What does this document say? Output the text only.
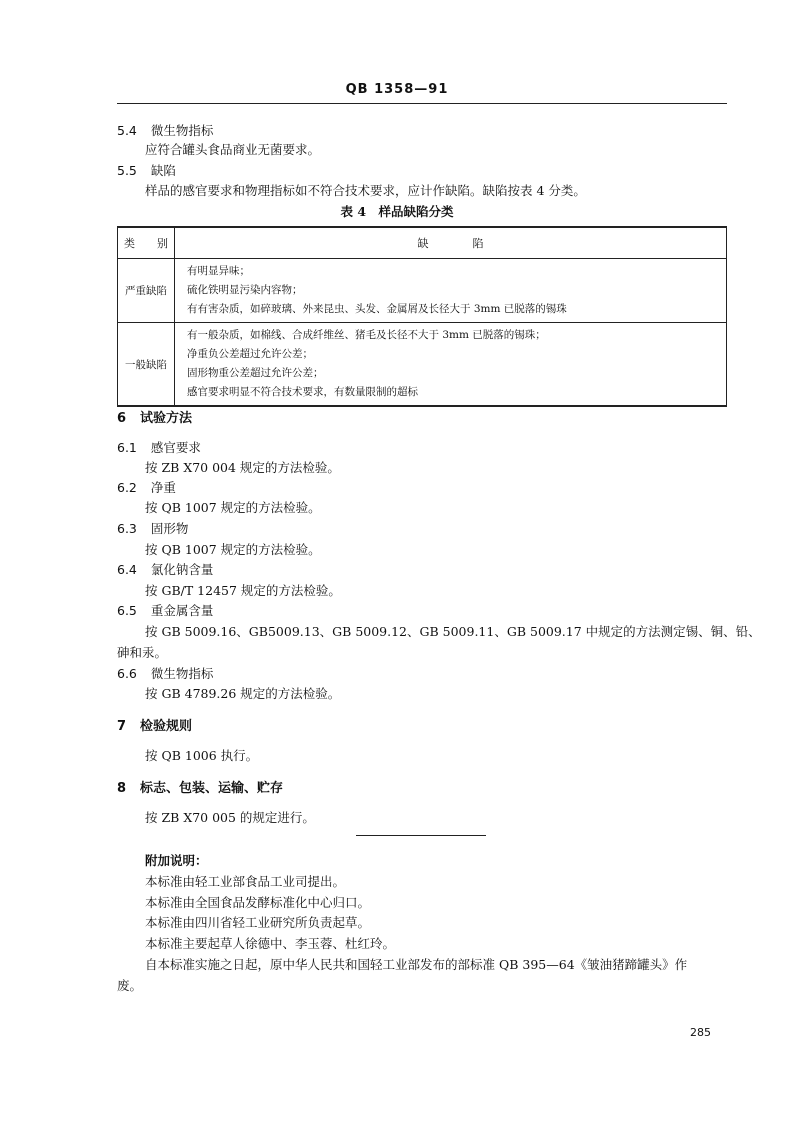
QB 1358—91
5.4 微生物指标
应符合罐头食品商业无菌要求。
5.5 缺陷
样品的感官要求和物理指标如不符合技术要求，应计作缺陷。缺陷按表 4 分类。
表 4　样品缺陷分类
类　　别	缺　　　　陷
严重缺陷	有明显异味；
硫化铁明显污染内容物；
有有害杂质，如碎玻璃、外来昆虫、头发、金属屑及长径大于 3mm 已脱落的锡珠

一般缺陷	有一般杂质，如棉线、合成纤维丝、猪毛及长径不大于 3mm 已脱落的锡珠；
净重负公差超过允许公差；
固形物重公差超过允许公差；
感官要求明显不符合技术要求，有数量限制的超标
6 试验方法
6.1 感官要求
按 ZB X70 004 规定的方法检验。
6.2 净重
按 QB 1007 规定的方法检验。
6.3 固形物
按 QB 1007 规定的方法检验。
6.4 氯化钠含量
按 GB/T 12457 规定的方法检验。
6.5 重金属含量
按 GB 5009.16、GB5009.13、GB 5009.12、GB 5009.11、GB 5009.17 中规定的方法测定锡、铜、铅、
砷和汞。
6.6 微生物指标
按 GB 4789.26 规定的方法检验。
7 检验规则
按 QB 1006 执行。
8 标志、包装、运输、贮存
按 ZB X70 005 的规定进行。
附加说明：
本标准由轻工业部食品工业司提出。
本标准由全国食品发酵标准化中心归口。
本标准由四川省轻工业研究所负责起草。
本标准主要起草人徐德中、李玉蓉、杜红玲。
自本标准实施之日起，原中华人民共和国轻工业部发布的部标准 QB 395—64《皱油猪蹄罐头》作
废。
285
